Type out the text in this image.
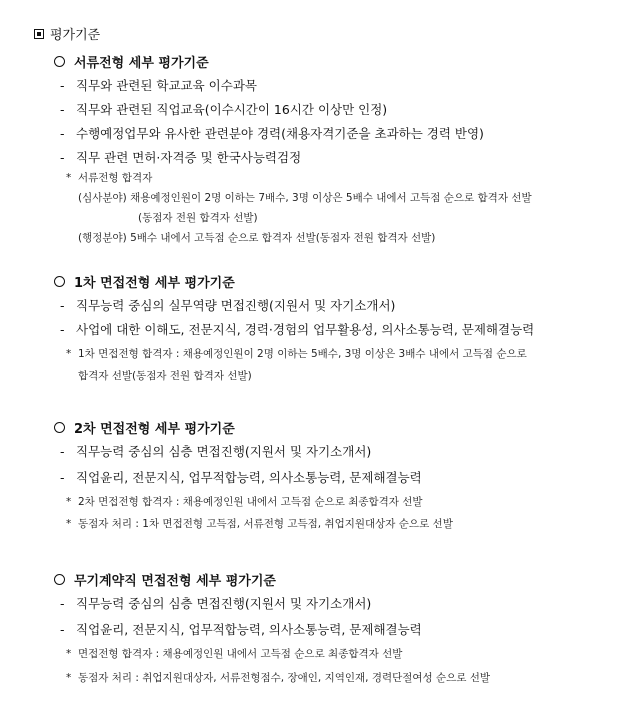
평가기준
서류전형 세부 평가기준
- 직무와 관련된 학교교육 이수과목
- 직무와 관련된 직업교육(이수시간이 16시간 이상만 인정)
- 수행예정업무와 유사한 관련분야 경력(채용자격기준을 초과하는 경력 반영)
- 직무 관련 면허·자격증 및 한국사능력검정
* 서류전형 합격자
(심사분야) 채용예정인원이 2명 이하는 7배수, 3명 이상은 5배수 내에서 고득점 순으로 합격자 선발
(동점자 전원 합격자 선발)
(행정분야) 5배수 내에서 고득점 순으로 합격자 선발(동점자 전원 합격자 선발)
1차 면접전형 세부 평가기준
- 직무능력 중심의 실무역량 면접진행(지원서 및 자기소개서)
- 사업에 대한 이해도, 전문지식, 경력·경험의 업무활용성, 의사소통능력, 문제해결능력
* 1차 면접전형 합격자 : 채용예정인원이 2명 이하는 5배수, 3명 이상은 3배수 내에서 고득점 순으로
합격자 선발(동점자 전원 합격자 선발)
2차 면접전형 세부 평가기준
- 직무능력 중심의 심층 면접진행(지원서 및 자기소개서)
- 직업윤리, 전문지식, 업무적합능력, 의사소통능력, 문제해결능력
* 2차 면접전형 합격자 : 채용예정인원 내에서 고득점 순으로 최종합격자 선발
* 동점자 처리 : 1차 면접전형 고득점, 서류전형 고득점, 취업지원대상자 순으로 선발
무기계약직 면접전형 세부 평가기준
- 직무능력 중심의 심층 면접진행(지원서 및 자기소개서)
- 직업윤리, 전문지식, 업무적합능력, 의사소통능력, 문제해결능력
* 면접전형 합격자 : 채용예정인원 내에서 고득점 순으로 최종합격자 선발
* 동점자 처리 : 취업지원대상자, 서류전형점수, 장애인, 지역인재, 경력단절여성 순으로 선발
